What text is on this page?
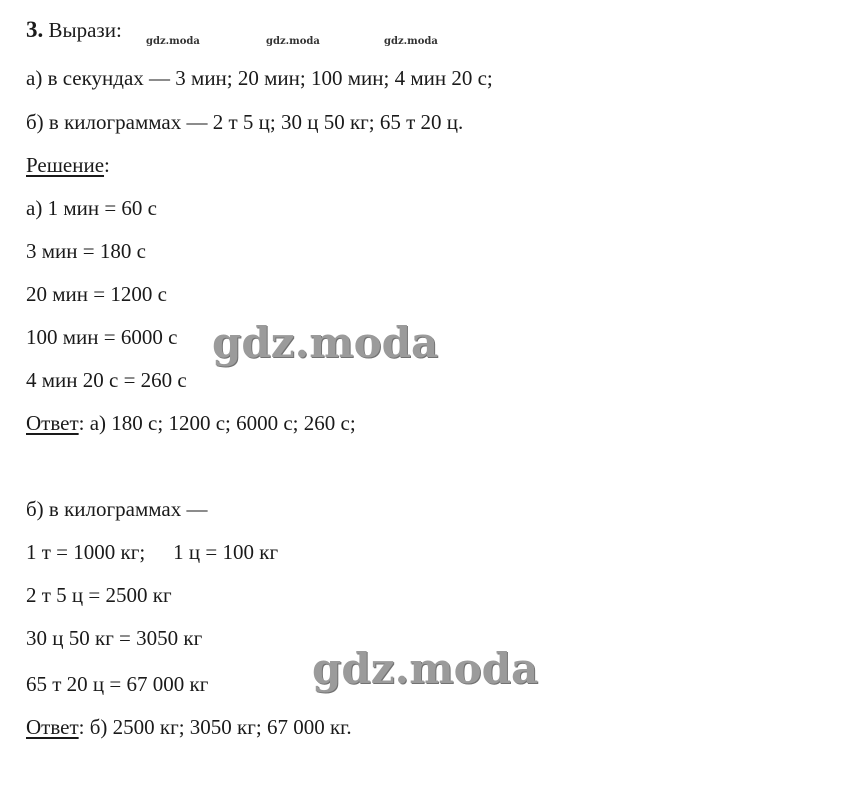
3. Вырази: gdz.moda	gdz.moda	gdz.moda
а) в секундах — 3 мин; 20 мин; 100 мин; 4 мин 20 с;
б) в килограммах — 2 т 5 ц; 30 ц 50 кг; 65 т 20 ц.
Решение:
а) 1 мин = 60 с
3 мин = 180 с
20 мин = 1200 с
100 мин = 6000 с
4 мин 20 с = 260 с
Ответ: а) 180 с; 1200 с; 6000 с; 260 с;
б) в килограммах —
1 т = 1000 кг; 1 ц = 100 кг
2 т 5 ц = 2500 кг
30 ц 50 кг = 3050 кг
65 т 20 ц = 67 000 кг
Ответ: б) 2500 кг; 3050 кг; 67 000 кг.
gdz.moda
gdz.moda
